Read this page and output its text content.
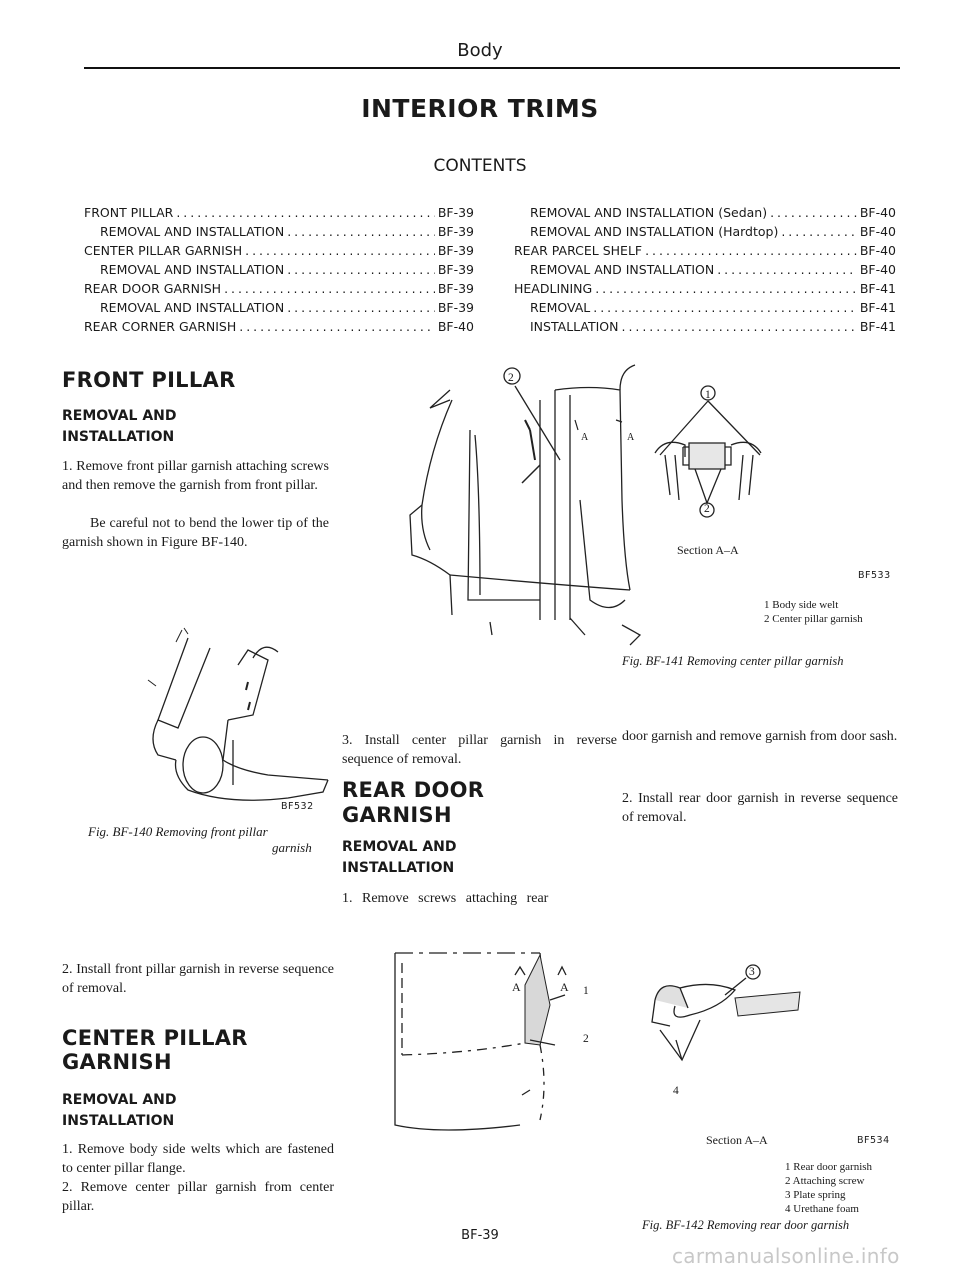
Body
INTERIOR TRIMS
CONTENTS
FRONT PILLAR . . .	BF-39
REMOVAL AND INSTALLATION . . .	BF-39
CENTER PILLAR GARNISH . . .	BF-39
REMOVAL AND INSTALLATION . . .	BF-39
REAR DOOR GARNISH . . .	BF-39
REMOVAL AND INSTALLATION . . .	BF-39
REAR CORNER GARNISH . . .	BF-40
REMOVAL AND INSTALLATION (Sedan) . . .	BF-40
REMOVAL AND INSTALLATION (Hardtop) . . .	BF-40
REAR PARCEL SHELF . . .	BF-40
REMOVAL AND INSTALLATION . . .	BF-40
HEADLINING . . .	BF-41
REMOVAL . . .	BF-41
INSTALLATION . . .	BF-41
FRONT PILLAR
REMOVAL AND
INSTALLATION

1. Remove front pillar garnish attaching screws and then remove the garnish from front pillar.

Be careful not to bend the lower tip of the garnish shown in Figure BF-140.

BF532
Fig. BF-140 Removing front pillar
garnish

2. Install front pillar garnish in reverse sequence of removal.

CENTER PILLAR
GARNISH
REMOVAL AND
INSTALLATION

1. Remove body side welts which are fastened to center pillar flange.

2. Remove center pillar garnish from center pillar.

2
A	A
1
2
Section A–A
BF533
1 Body side welt
2 Center pillar garnish
Fig. BF-141 Removing center pillar garnish

3. Install center pillar garnish in reverse sequence of removal.

REAR DOOR
GARNISH
REMOVAL AND
INSTALLATION

1. Remove screws attaching rear

door garnish and remove garnish from door sash.

2. Install rear door garnish in reverse sequence of removal.

A	A 1
2
3
4
Section A–A	BF534
1 Rear door garnish
2 Attaching screw
3 Plate spring
4 Urethane foam
Fig. BF-142 Removing rear door garnish
BF-39
carmanualsonline.info
